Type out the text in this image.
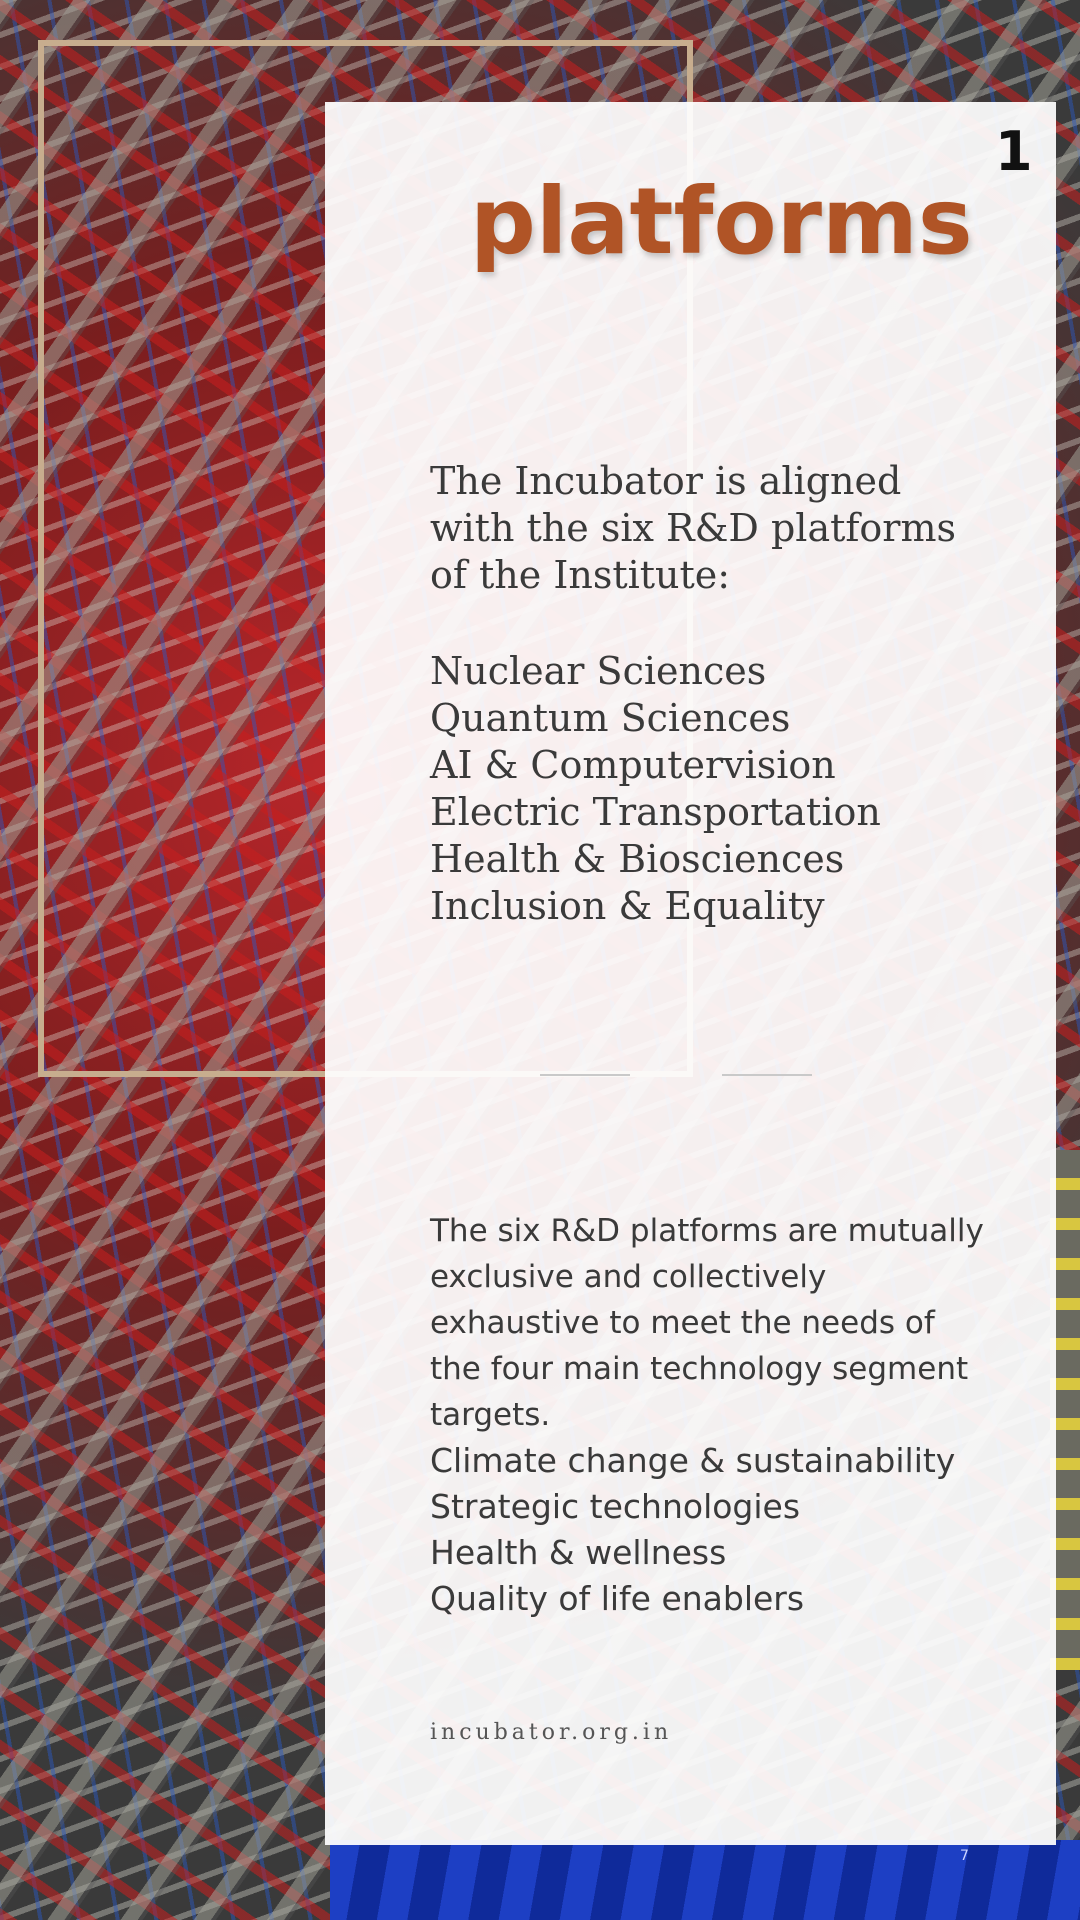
1
platforms
The Incubator is aligned with the six R&D platforms of the Institute:
Nuclear Sciences
Quantum Sciences
AI & Computervision
Electric Transportation
Health & Biosciences
Inclusion & Equality
The six R&D platforms are mutually exclusive and collectively exhaustive to meet the needs of the four main technology segment targets.
Climate change & sustainability
Strategic technologies
Health & wellness
Quality of life enablers
incubator.org.in
7
